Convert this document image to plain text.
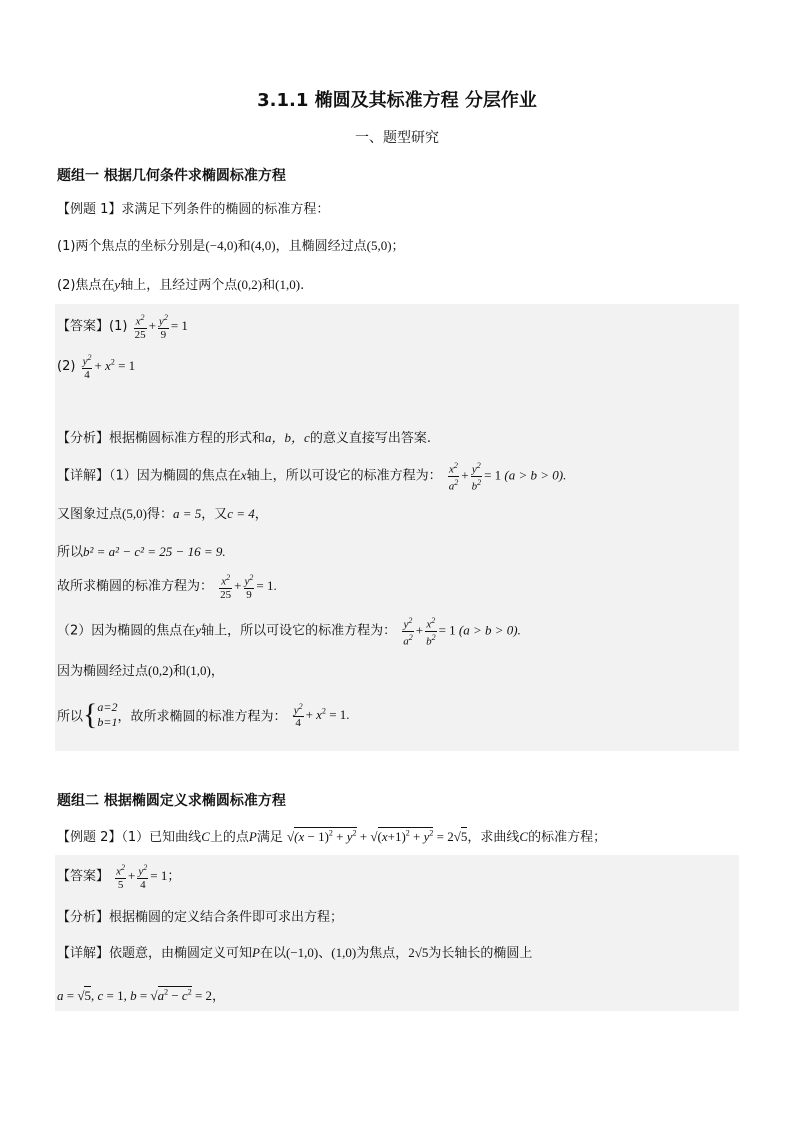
3.1.1 椭圆及其标准方程 分层作业
一、题型研究
题组一 根据几何条件求椭圆标准方程
【例题 1】求满足下列条件的椭圆的标准方程：
(1)两个焦点的坐标分别是(−4,0)和(4,0)，且椭圆经过点(5,0)；
(2)焦点在y轴上，且经过两个点(0,2)和(1,0).
【答案】$(1) \frac{x^2}{25} + \frac{y^2}{9} = 1$
$(2) \frac{y^2}{4} + x^2 = 1$
【分析】根据椭圆标准方程的形式和a，b，c的意义直接写出答案.
【详解】（1）因为椭圆的焦点在x轴上，所以可设它的标准方程为： $\frac{x^2}{a^2} + \frac{y^2}{b^2} = 1$ (a > b > 0).
又图象过点(5,0)得：a = 5，又c = 4，
所以b² = a² − c² = 25 − 16 = 9.
故所求椭圆的标准方程为： $\frac{x^2}{25} + \frac{y^2}{9} = 1$.
（2）因为椭圆的焦点在y轴上，所以可设它的标准方程为： $\frac{y^2}{a^2} + \frac{x^2}{b^2} = 1$ (a > b > 0).
因为椭圆经过点(0,2)和(1,0)，
所以{ a=2
b=1 ，故所求椭圆的标准方程为： $\frac{y^2}{4} + x^2 = 1$.
题组二 根据椭圆定义求椭圆标准方程
【例题 2】（1）已知曲线C上的点P满足 $√(x - 1)^2 + y^2 + √(x+1)^2 + y^2 = 2√5$，求曲线C的标准方程；
【答案】 $\frac{x^2}{5} + \frac{y^2}{4} = 1$；
【分析】根据椭圆的定义结合条件即可求出方程；
【详解】依题意，由椭圆定义可知P在以(−1,0)、(1,0)为焦点，2√5为长轴长的椭圆上
a = √5, c = 1, $b = √a^2 - c^2 = 2$，
